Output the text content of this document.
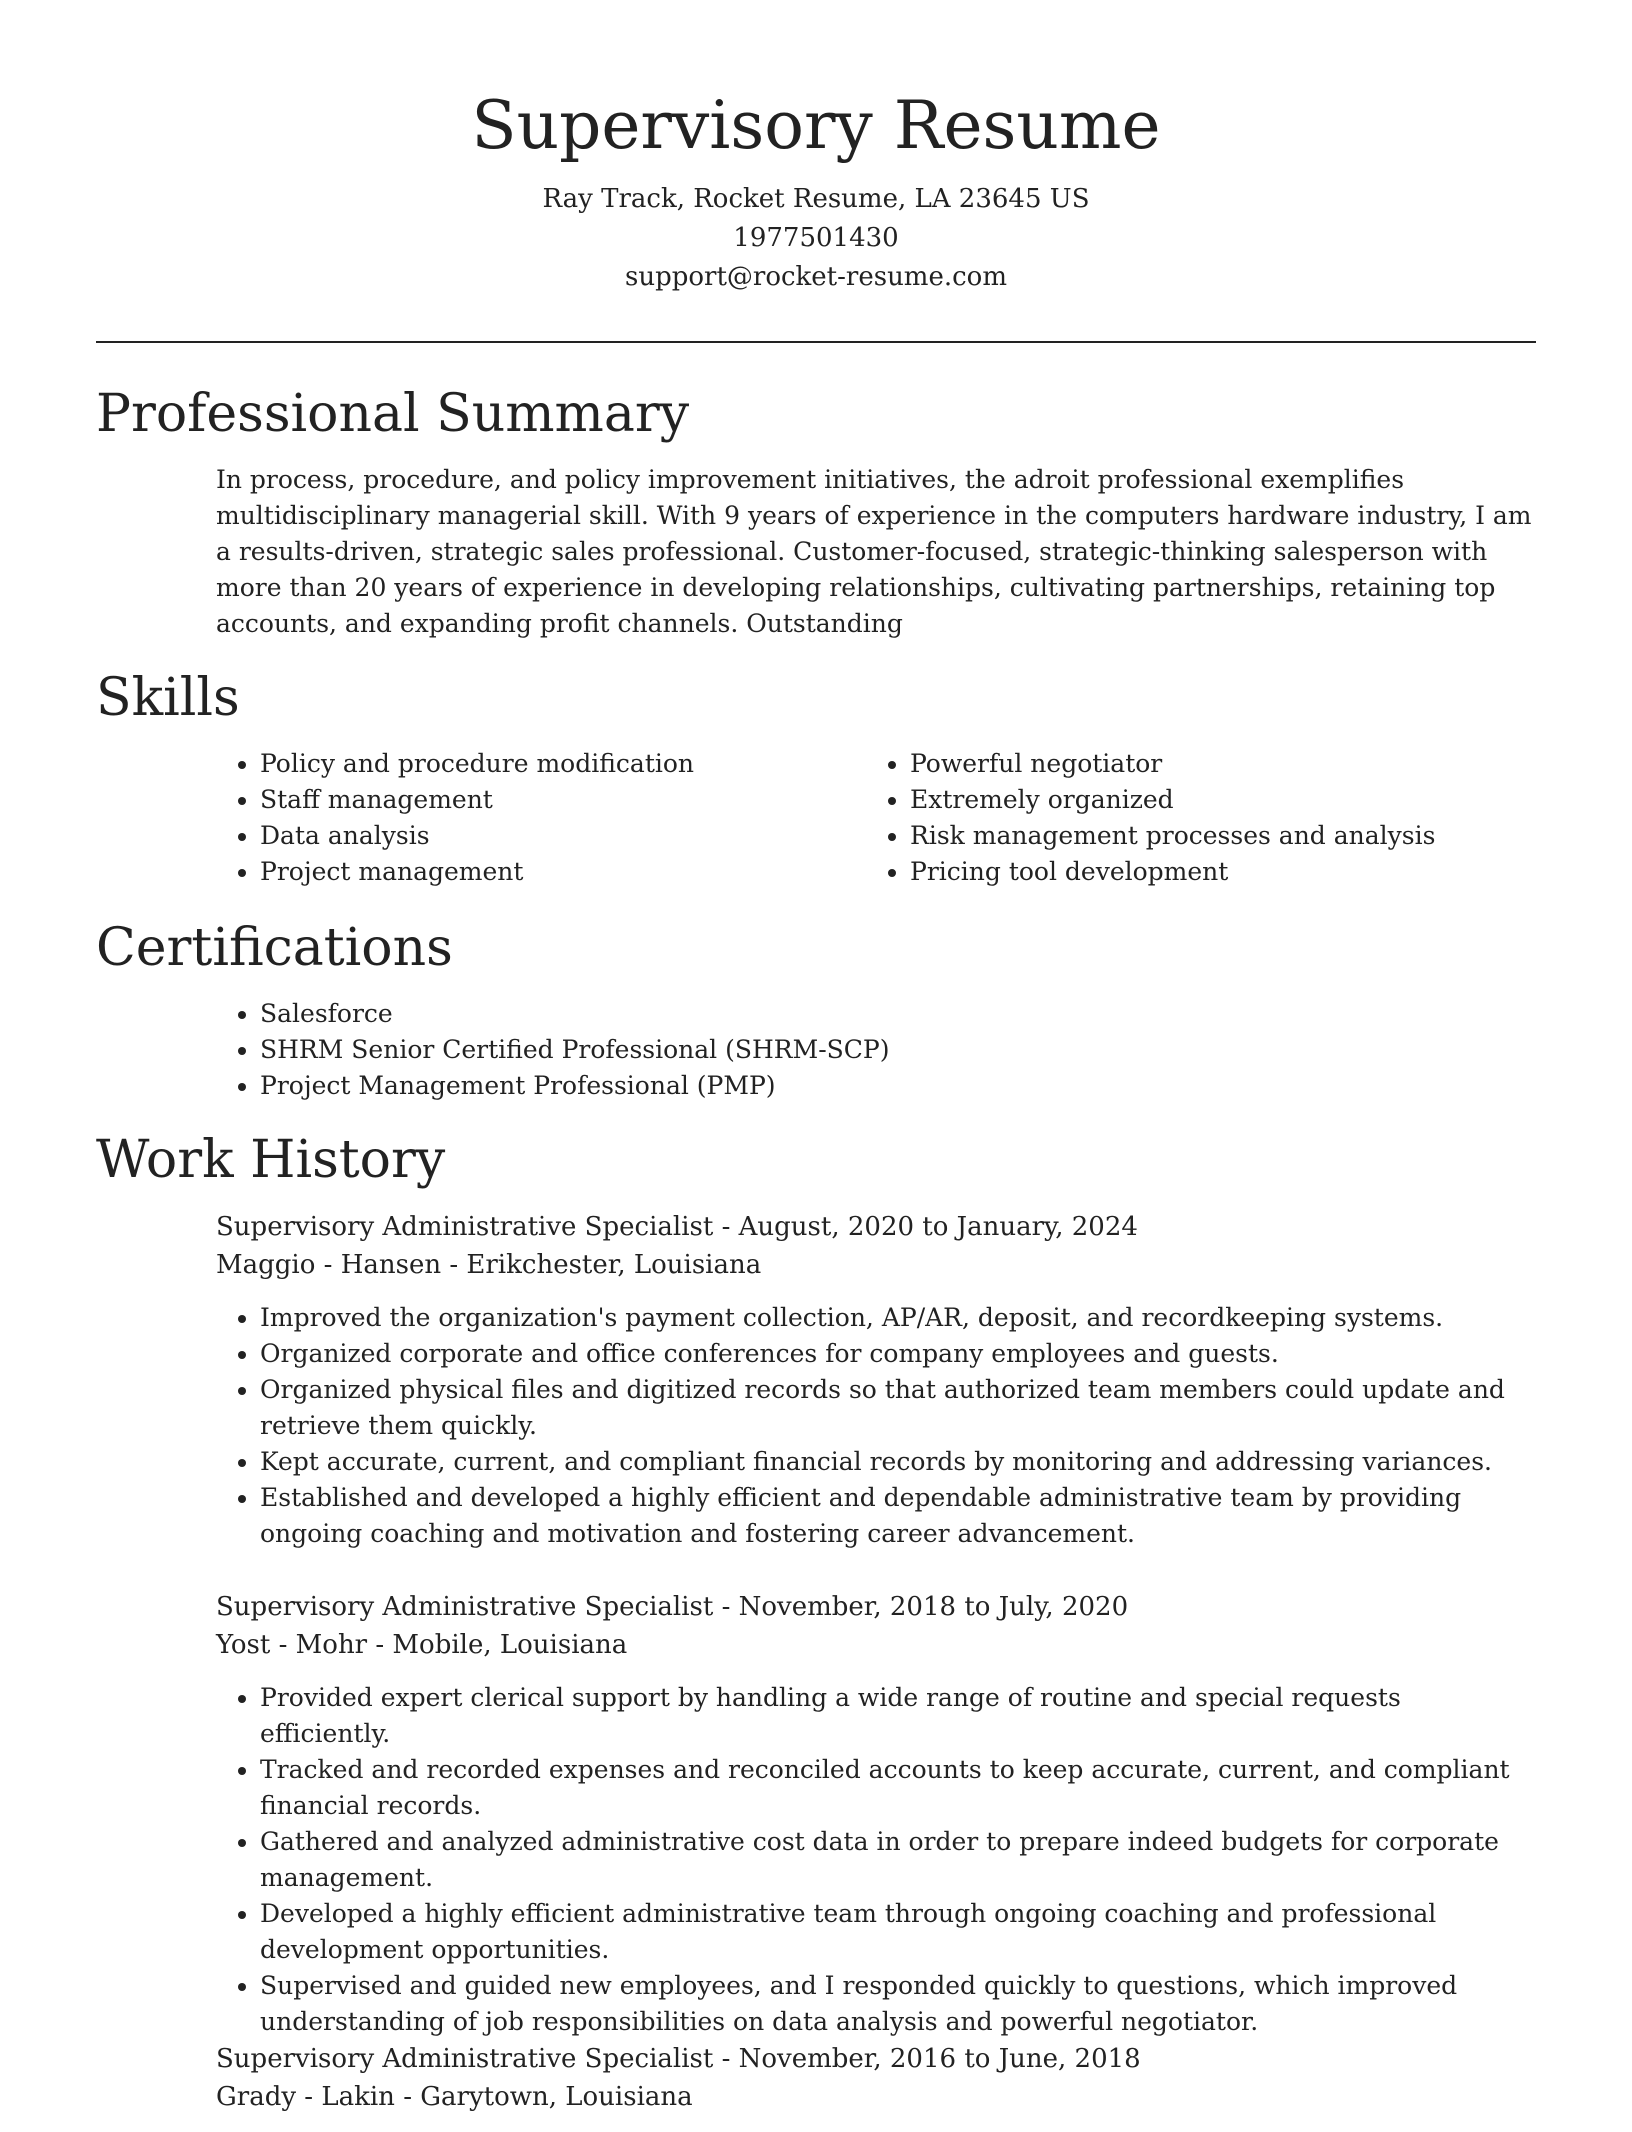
Supervisory Resume

Ray Track, Rocket Resume, LA 23645 US

1977501430

support@rocket-resume.com

Professional Summary

In process, procedure, and policy improvement initiatives, the adroit professional exemplifies multidisciplinary managerial skill. With 9 years of experience in the computers hardware industry, I am a results-driven, strategic sales professional. Customer-focused, strategic-thinking salesperson with more than 20 years of experience in developing relationships, cultivating partnerships, retaining top accounts, and expanding profit channels. Outstanding

Skills
• Policy and procedure modification
• Staff management
• Data analysis
• Project management
• Powerful negotiator
• Extremely organized
• Risk management processes and analysis
• Pricing tool development
Certifications
• Salesforce
• SHRM Senior Certified Professional (SHRM-SCP)
• Project Management Professional (PMP)
Work History

Supervisory Administrative Specialist - August, 2020 to January, 2024

Maggio - Hansen - Erikchester, Louisiana

• Improved the organization's payment collection, AP/AR, deposit, and recordkeeping systems.
• Organized corporate and office conferences for company employees and guests.
• Organized physical files and digitized records so that authorized team members could update and retrieve them quickly.
• Kept accurate, current, and compliant financial records by monitoring and addressing variances.
• Established and developed a highly efficient and dependable administrative team by providing ongoing coaching and motivation and fostering career advancement.

Supervisory Administrative Specialist - November, 2018 to July, 2020

Yost - Mohr - Mobile, Louisiana

• Provided expert clerical support by handling a wide range of routine and special requests efficiently.
• Tracked and recorded expenses and reconciled accounts to keep accurate, current, and compliant financial records.
• Gathered and analyzed administrative cost data in order to prepare indeed budgets for corporate management.
• Developed a highly efficient administrative team through ongoing coaching and professional development opportunities.
• Supervised and guided new employees, and I responded quickly to questions, which improved understanding of job responsibilities on data analysis and powerful negotiator.

Supervisory Administrative Specialist - November, 2016 to June, 2018

Grady - Lakin - Garytown, Louisiana
